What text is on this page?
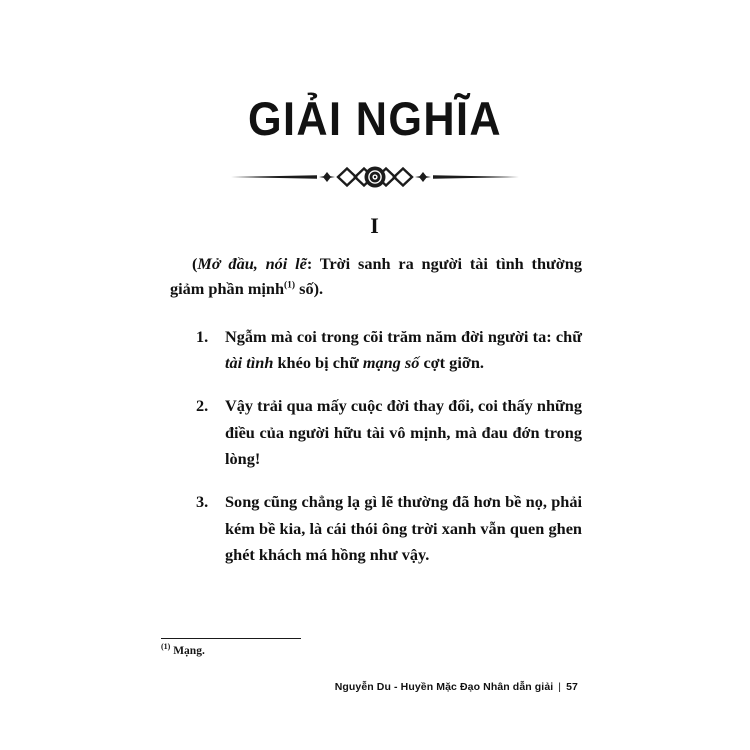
GIẢI NGHĨA
I

(Mở đầu, nói lẽ: Trời sanh ra người tài tình thường giảm phần mịnh$^{(1)}$ số).

1. Ngẫm mà coi trong cõi trăm năm đời người ta: chữ tài tình khéo bị chữ mạng số cợt giỡn.
2. Vậy trải qua mấy cuộc đời thay đổi, coi thấy những điều của người hữu tài vô mịnh, mà đau đớn trong lòng!
3. Song cũng chẳng lạ gì lẽ thường đã hơn bề nọ, phải kém bề kia, là cái thói ông trời xanh vẫn quen ghen ghét khách má hồng như vậy.

$^{(1)}$ Mạng.

Nguyễn Du - Huyền Mặc Đạo Nhân dẫn giải | 57
